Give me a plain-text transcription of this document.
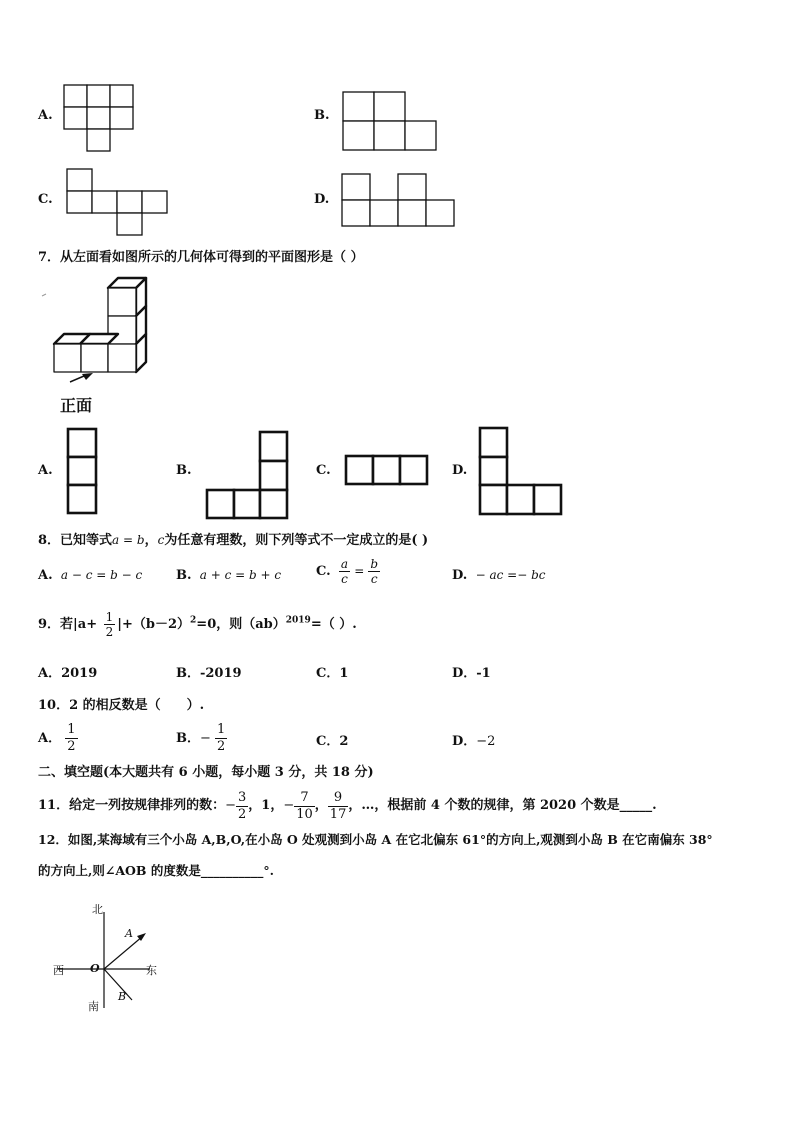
A.	B.
C.	D.
7．从左面看如图所示的几何体可得到的平面图形是（ ）
正面
A.	B.	C.	D.
8．已知等式a = b，c为任意有理数，则下列等式不一定成立的是( )
A. a − c = b − c	B. a + c = b + c	C. $\frac{a}{c} = \frac{b}{c}$	D. − ac =− bc
9．若$|a+ \frac{1}{2} |+(b-2)^2=0$，则（ab）$^{2019}$=（ ）.
A．2019	B．-2019	C．1	D．-1
10．2 的相反数是（　　）.
A． $\frac{1}{2}$	B．− $\frac{1}{2}$	C．2	D．−2
二、填空题(本大题共有 6 小题，每小题 3 分，共 18 分)
11．给定一列按规律排列的数： − $\frac{3}{2}$ ，1， − $\frac{7}{10}$ ， $\frac{9}{17}$ ，…，根据前 4 个数的规律，第 2020 个数是_____.
12．如图,某海域有三个小岛 A,B,O,在小岛 O 处观测到小岛 A 在它北偏东 61°的方向上,观测到小岛 B 在它南偏东 38°
的方向上,则∠AOB 的度数是__________°.
北
南
东
西 O
A
B
